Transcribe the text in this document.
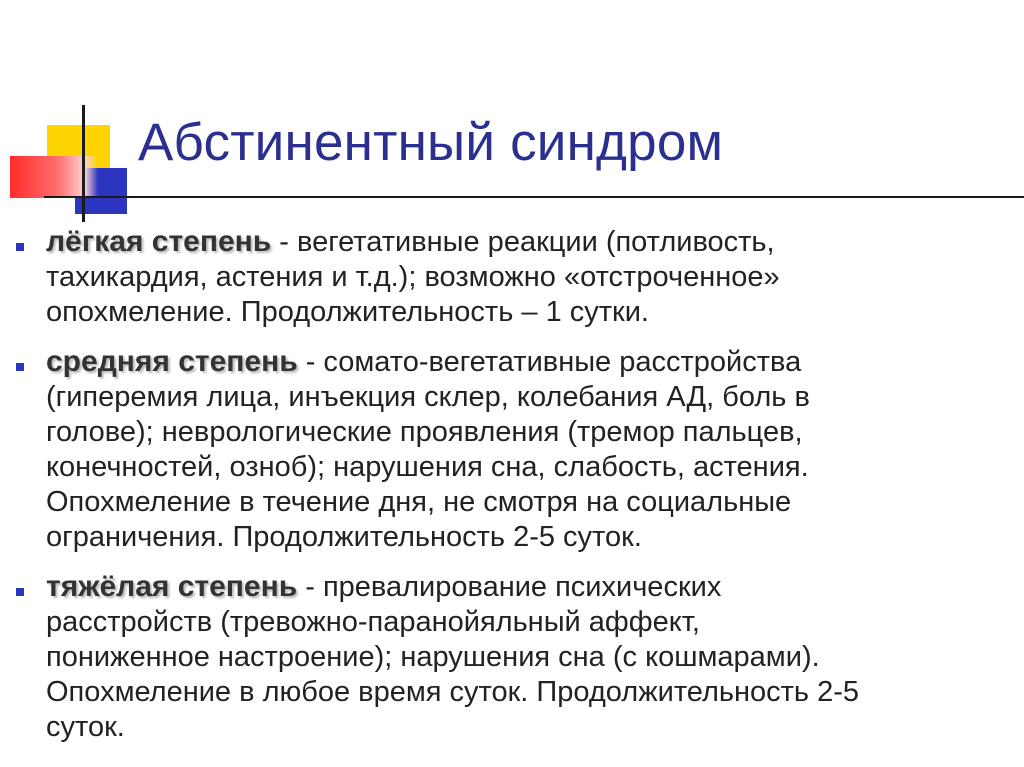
Абстинентный синдром
лёгкая степень - вегетативные реакции (потливость,
тахикардия, астения и т.д.); возможно «отстроченное»
опохмеление. Продолжительность – 1 сутки.
средняя степень - сомато-вегетативные расстройства
(гиперемия лица, инъекция склер, колебания АД, боль в
голове); неврологические проявления (тремор пальцев,
конечностей, озноб); нарушения сна, слабость, астения.
Опохмеление в течение дня, не смотря на социальные
ограничения. Продолжительность 2-5 суток.
тяжёлая степень - превалирование психических
расстройств (тревожно-паранойяльный аффект,
пониженное настроение); нарушения сна (с кошмарами).
Опохмеление в любое время суток. Продолжительность 2-5
суток.
